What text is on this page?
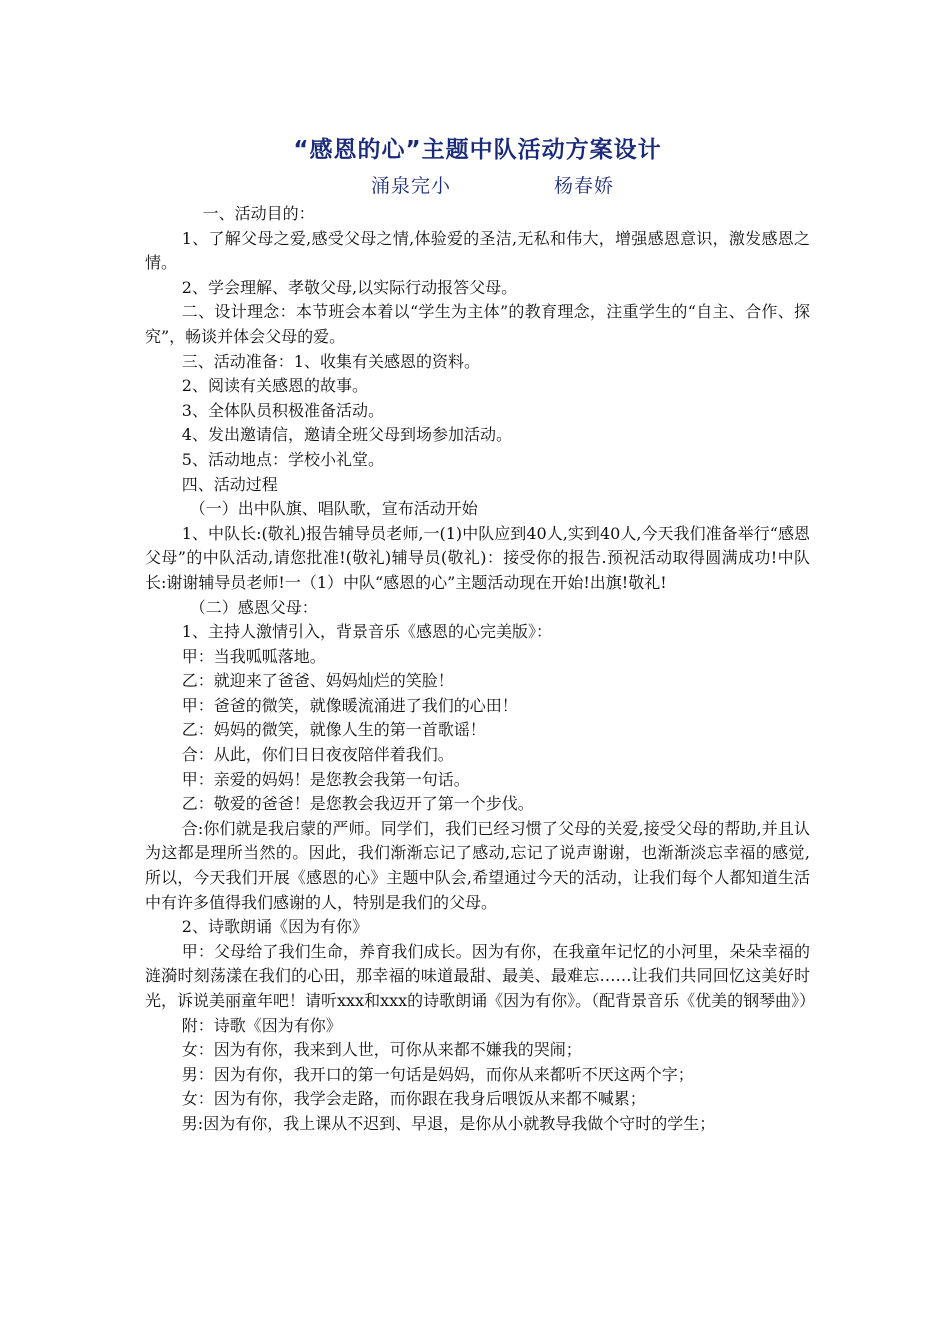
“感恩的心”主题中队活动方案设计
涌泉完小	杨春娇

一、活动目的：

1、了解父母之爱,感受父母之情,体验爱的圣洁,无私和伟大，增强感恩意识，激发感恩之情。

2、学会理解、孝敬父母,以实际行动报答父母。

二、设计理念：本节班会本着以“学生为主体”的教育理念，注重学生的“自主、合作、探究”，畅谈并体会父母的爱。

三、活动准备：1、收集有关感恩的资料。

2、阅读有关感恩的故事。

3、全体队员积极准备活动。

4、发出邀请信，邀请全班父母到场参加活动。

5、活动地点：学校小礼堂。

四、活动过程

（一）出中队旗、唱队歌，宣布活动开始

1、中队长:(敬礼)报告辅导员老师,一(1)中队应到40人,实到40人,今天我们准备举行“感恩父母”的中队活动,请您批准!(敬礼)辅导员(敬礼)：接受你的报告.预祝活动取得圆满成功!中队长:谢谢辅导员老师!一（1）中队“感恩的心”主题活动现在开始!出旗!敬礼!

（二）感恩父母：

1、主持人激情引入，背景音乐《感恩的心完美版》：

甲：当我呱呱落地。

乙：就迎来了爸爸、妈妈灿烂的笑脸！

甲：爸爸的微笑，就像暖流涌进了我们的心田！

乙：妈妈的微笑，就像人生的第一首歌谣！

合：从此，你们日日夜夜陪伴着我们。

甲：亲爱的妈妈！是您教会我第一句话。

乙：敬爱的爸爸！是您教会我迈开了第一个步伐。

合:你们就是我启蒙的严师。同学们，我们已经习惯了父母的关爱,接受父母的帮助,并且认为这都是理所当然的。因此，我们渐渐忘记了感动,忘记了说声谢谢，也渐渐淡忘幸福的感觉,所以，今天我们开展《感恩的心》主题中队会,希望通过今天的活动，让我们每个人都知道生活中有许多值得我们感谢的人，特别是我们的父母。

2、诗歌朗诵《因为有你》

甲：父母给了我们生命，养育我们成长。因为有你，在我童年记忆的小河里，朵朵幸福的涟漪时刻荡漾在我们的心田，那幸福的味道最甜、最美、最难忘……让我们共同回忆这美好时光，诉说美丽童年吧！请听xxx和xxx的诗歌朗诵《因为有你》。（配背景音乐《优美的钢琴曲》）

附：诗歌《因为有你》

女：因为有你，我来到人世，可你从来都不嫌我的哭闹；

男：因为有你，我开口的第一句话是妈妈，而你从来都听不厌这两个字；

女：因为有你，我学会走路，而你跟在我身后喂饭从来都不喊累；

男:因为有你，我上课从不迟到、早退，是你从小就教导我做个守时的学生；
